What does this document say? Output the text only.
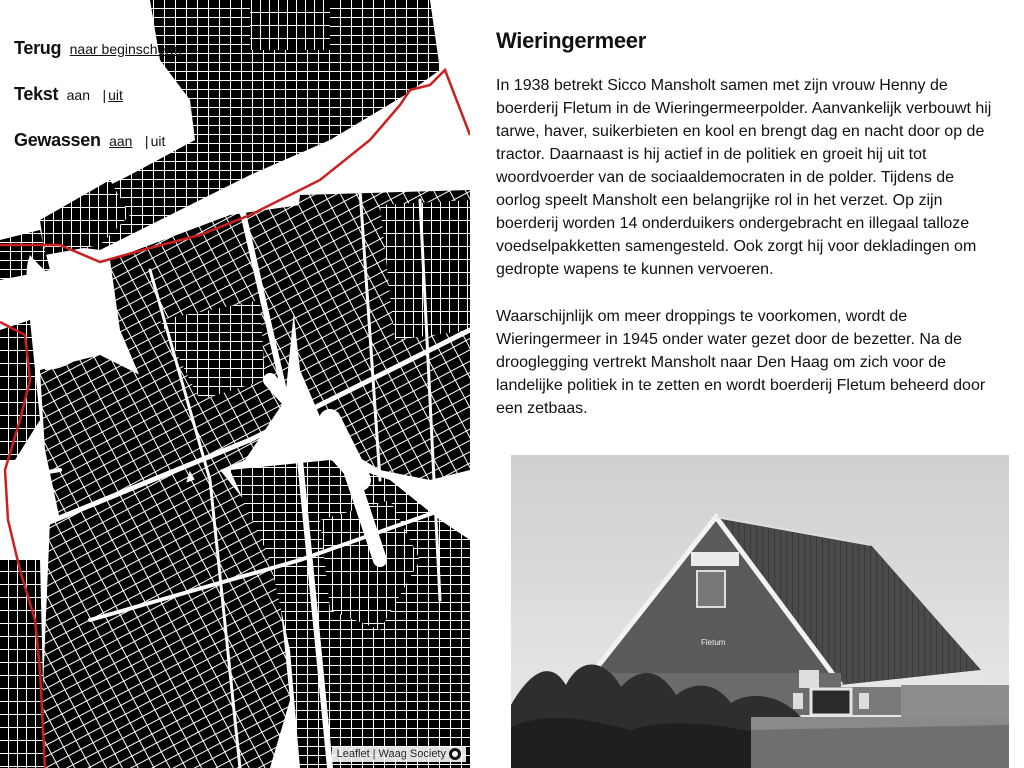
Terug naar beginscherm ←
Tekst aan | uit
Gewassen aan | uit
Leaflet | Waag Society
Wieringermeer

In 1938 betrekt Sicco Mansholt samen met zijn vrouw Henny de boerderij Fletum in de Wieringermeerpolder. Aanvankelijk verbouwt hij tarwe, haver, suikerbieten en kool en brengt dag en nacht door op de tractor. Daarnaast is hij actief in de politiek en groeit hij uit tot woordvoerder van de sociaaldemocraten in de polder. Tijdens de oorlog speelt Mansholt een belangrijke rol in het verzet. Op zijn boerderij worden 14 onderduikers ondergebracht en illegaal talloze voedselpakketten samengesteld. Ook zorgt hij voor dekladingen om gedropte wapens te kunnen vervoeren.

Waarschijnlijk om meer droppings te voorkomen, wordt de Wieringermeer in 1945 onder water gezet door de bezetter. Na de drooglegging vertrekt Mansholt naar Den Haag om zich voor de landelijke politiek in te zetten en wordt boerderij Fletum beheerd door een zetbaas.

Fletum
